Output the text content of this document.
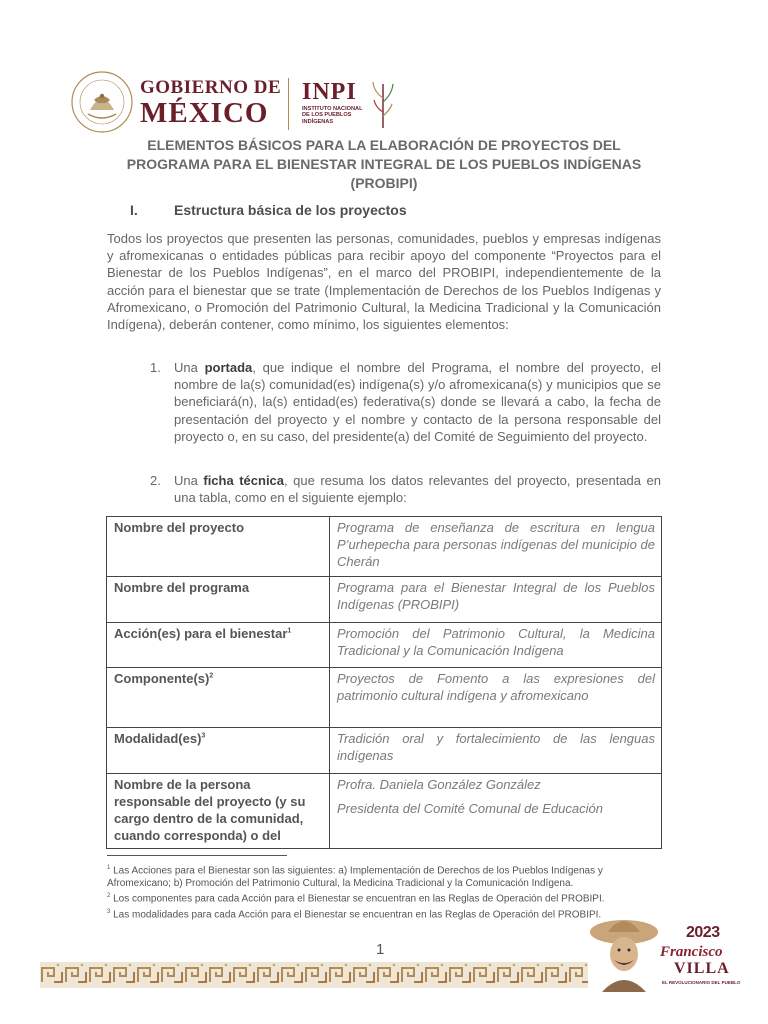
GOBIERNO DE
MÉXICO
INPI
INSTITUTO NACIONAL
DE LOS PUEBLOS
INDÍGENAS
ELEMENTOS BÁSICOS PARA LA ELABORACIÓN DE PROYECTOS DEL
PROGRAMA PARA EL BIENESTAR INTEGRAL DE LOS PUEBLOS INDÍGENAS
(PROBIPI)
I.	Estructura básica de los proyectos

Todos los proyectos que presenten las personas, comunidades, pueblos y empresas indígenas y afromexicanas o entidades públicas para recibir apoyo del componente “Proyectos para el Bienestar de los Pueblos Indígenas”, en el marco del PROBIPI, independientemente de la acción para el bienestar que se trate (Implementación de Derechos de los Pueblos Indígenas y Afromexicano, o Promoción del Patrimonio Cultural, la Medicina Tradicional y la Comunicación Indígena), deberán contener, como mínimo, los siguientes elementos:

1. Una portada, que indique el nombre del Programa, el nombre del proyecto, el nombre de la(s) comunidad(es) indígena(s) y/o afromexicana(s) y municipios que se beneficiará(n), la(s) entidad(es) federativa(s) donde se llevará a cabo, la fecha de presentación del proyecto y el nombre y contacto de la persona responsable del proyecto o, en su caso, del presidente(a) del Comité de Seguimiento del proyecto.

2. Una ficha técnica, que resuma los datos relevantes del proyecto, presentada en una tabla, como en el siguiente ejemplo:

Nombre del proyecto	Programa de enseñanza de escritura en lengua P’urhepecha para personas indígenas del municipio de Cherán
Nombre del programa	Programa para el Bienestar Integral de los Pueblos Indígenas (PROBIPI)
Acción(es) para el bienestar$^1$	Promoción del Patrimonio Cultural, la Medicina Tradicional y la Comunicación Indígena
$Componente(s)^2$	Proyectos de Fomento a las expresiones del patrimonio cultural indígena y afromexicano
Modalidad(es)$^3$	Tradición oral y fortalecimiento de las lenguas indígenas
Nombre de la persona responsable del proyecto (y su cargo dentro de la comunidad, cuando corresponda) o del	Profra. Daniela González González

Presidenta del Comité Comunal de Educación

$^1$ Las Acciones para el Bienestar son las siguientes: a) Implementación de Derechos de los Pueblos Indígenas y Afromexicano; b) Promoción del Patrimonio Cultural, la Medicina Tradicional y la Comunicación Indígena.

$^2$ Los componentes para cada Acción para el Bienestar se encuentran en las Reglas de Operación del PROBIPI.

$^3$ Las modalidades para cada Acción para el Bienestar se encuentran en las Reglas de Operación del PROBIPI.

1
2023
Francisco
VILLA
EL REVOLUCIONARIO DEL PUEBLO
